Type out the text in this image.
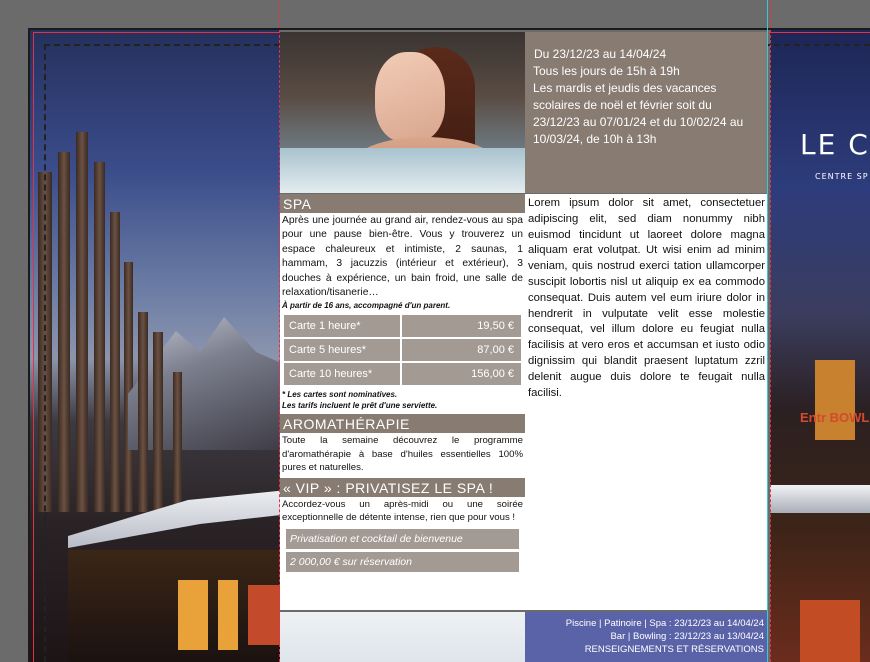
LE C
CENTRE SP
Entr BOWL

Du 23/12/23 au 14/04/24

Tous les jours de 15h à 19h

Les mardis et jeudis des vacances scolaires de noël et février soit du 23/12/23 au 07/01/24 et du 10/02/24 au 10/03/24, de 10h à 13h

SPA
Après une journée au grand air, rendez-vous au spa pour une pause bien-être. Vous y trouverez un espace chaleureux et intimiste, 2 saunas, 1 hammam, 3 jacuzzis (intérieur et extérieur), 3 douches à expérience, un bain froid, une salle de relaxation/tisanerie…
À partir de 16 ans, accompagné d'un parent.
Carte 1 heure*	19,50 €
Carte 5 heures*	87,00 €
Carte 10 heures*	156,00 €
* Les cartes sont nominatives.
Les tarifs incluent le prêt d'une serviette.
AROMATHÉRAPIE
Toute la semaine découvrez le programme d'aromathérapie à base d'huiles essentielles 100% pures et naturelles.
« VIP » : PRIVATISEZ LE SPA !
Accordez-vous un après-midi ou une soirée exceptionnelle de détente intense, rien que pour vous !
Privatisation et cocktail de bienvenue
2 000,00 € sur réservation
Lorem ipsum dolor sit amet, consectetuer adipiscing elit, sed diam nonummy nibh euismod tincidunt ut laoreet dolore magna aliquam erat volutpat. Ut wisi enim ad minim veniam, quis nostrud exerci tation ullamcorper suscipit lobortis nisl ut aliquip ex ea commodo consequat. Duis autem vel eum iriure dolor in hendrerit in vulputate velit esse molestie consequat, vel illum dolore eu feugiat nulla facilisis at vero eros et accumsan et iusto odio dignissim qui blandit praesent luptatum zzril delenit augue duis dolore te feugait nulla facilisi.
Piscine | Patinoire | Spa : 23/12/23 au 14/04/24
Bar | Bowling : 23/12/23 au 13/04/24
RENSEIGNEMENTS ET RÉSERVATIONS
